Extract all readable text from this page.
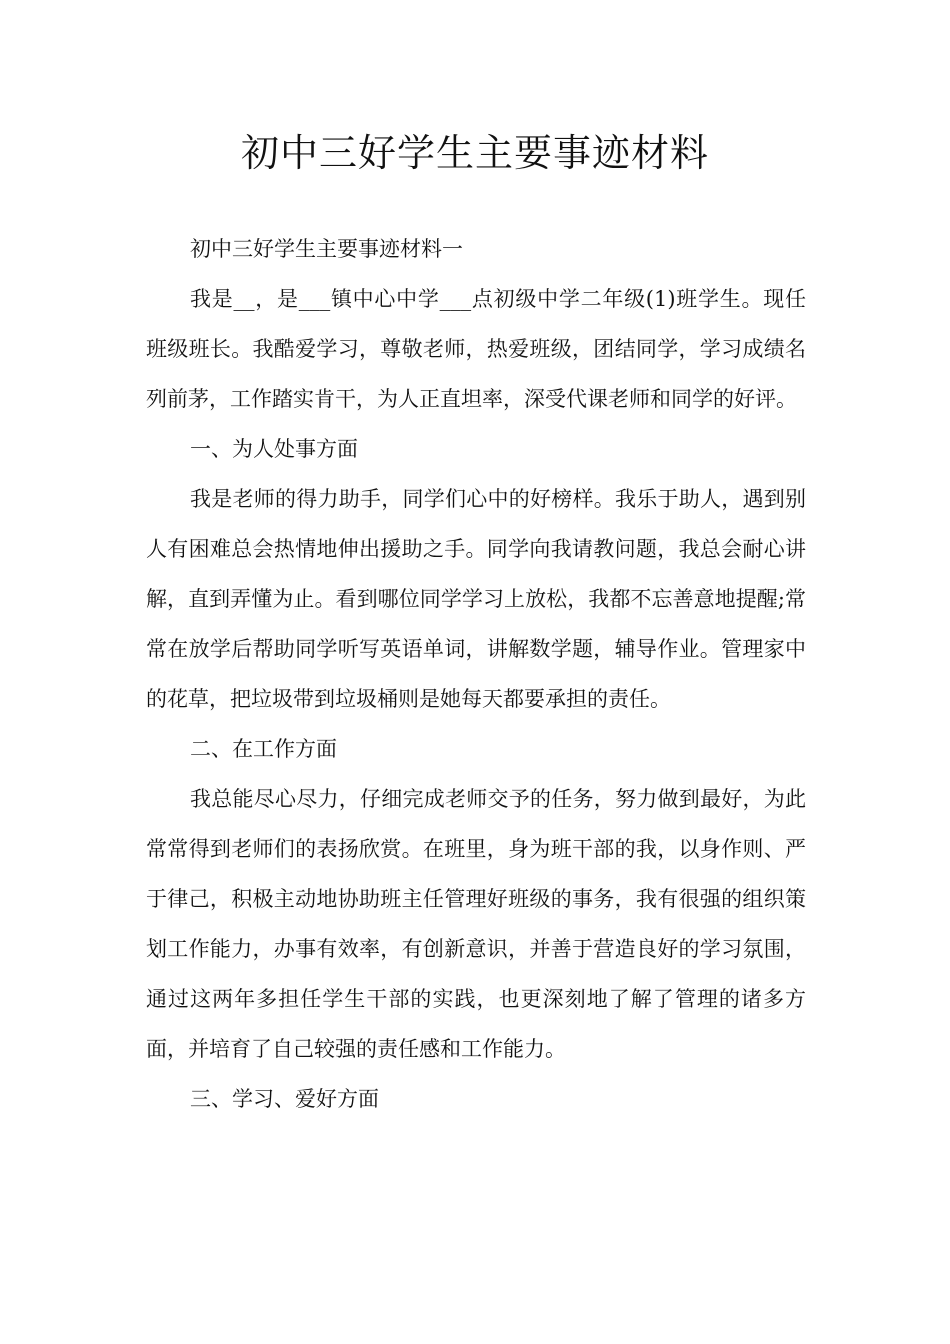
初中三好学生主要事迹材料

初中三好学生主要事迹材料一

我是__，是___镇中心中学___点初级中学二年级(1)班学生。现任班级班长。我酷爱学习，尊敬老师，热爱班级，团结同学，学习成绩名列前茅，工作踏实肯干，为人正直坦率，深受代课老师和同学的好评。

一、为人处事方面

我是老师的得力助手，同学们心中的好榜样。我乐于助人，遇到别人有困难总会热情地伸出援助之手。同学向我请教问题，我总会耐心讲解，直到弄懂为止。看到哪位同学学习上放松，我都不忘善意地提醒;常常在放学后帮助同学听写英语单词，讲解数学题，辅导作业。管理家中的花草，把垃圾带到垃圾桶则是她每天都要承担的责任。

二、在工作方面

我总能尽心尽力，仔细完成老师交予的任务，努力做到最好，为此常常得到老师们的表扬欣赏。在班里，身为班干部的我，以身作则、严于律己，积极主动地协助班主任管理好班级的事务，我有很强的组织策划工作能力，办事有效率，有创新意识，并善于营造良好的学习氛围，通过这两年多担任学生干部的实践，也更深刻地了解了管理的诸多方面，并培育了自己较强的责任感和工作能力。

三、学习、爱好方面
